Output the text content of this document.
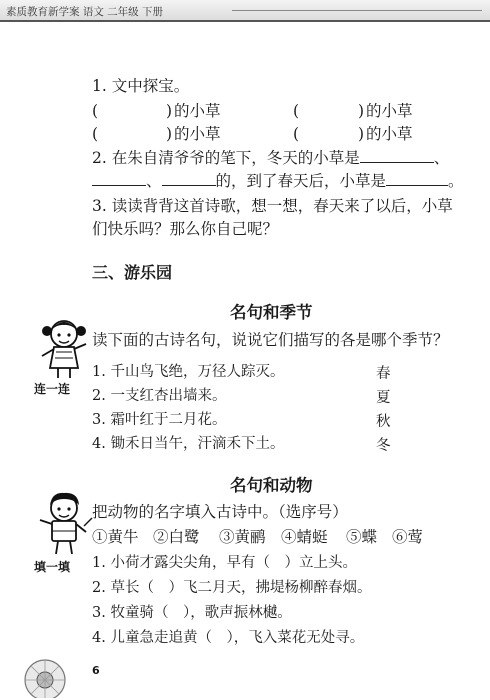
素质教育新学案 语文 二年级 下册
1. 文中探宝。
(	) 的小草	(	) 的小草
(	) 的小草	(	) 的小草
2. 在朱自清爷爷的笔下，冬天的小草是	、
、	的，到了春天后，小草是	。
3. 读读背背这首诗歌，想一想，春天来了以后，小草
们快乐吗？那么你自己呢？
三、游乐园
名句和季节
连一连
读下面的古诗名句，说说它们描写的各是哪个季节？
1. 千山鸟飞绝，万径人踪灭。	春
2. 一支红杏出墙来。	夏
3. 霜叶红于二月花。	秋
4. 锄禾日当午，汗滴禾下土。	冬
名句和动物
填一填
把动物的名字填入古诗中。（选序号）
①黄牛 ②白鹭 ③黄鹂 ④蜻蜓 ⑤蝶 ⑥莺
1. 小荷才露尖尖角，早有（　）立上头。
2. 草长（　）飞二月天，拂堤杨柳醉春烟。
3. 牧童骑（　），歌声振林樾。
4. 儿童急走追黄（　），飞入菜花无处寻。
6
